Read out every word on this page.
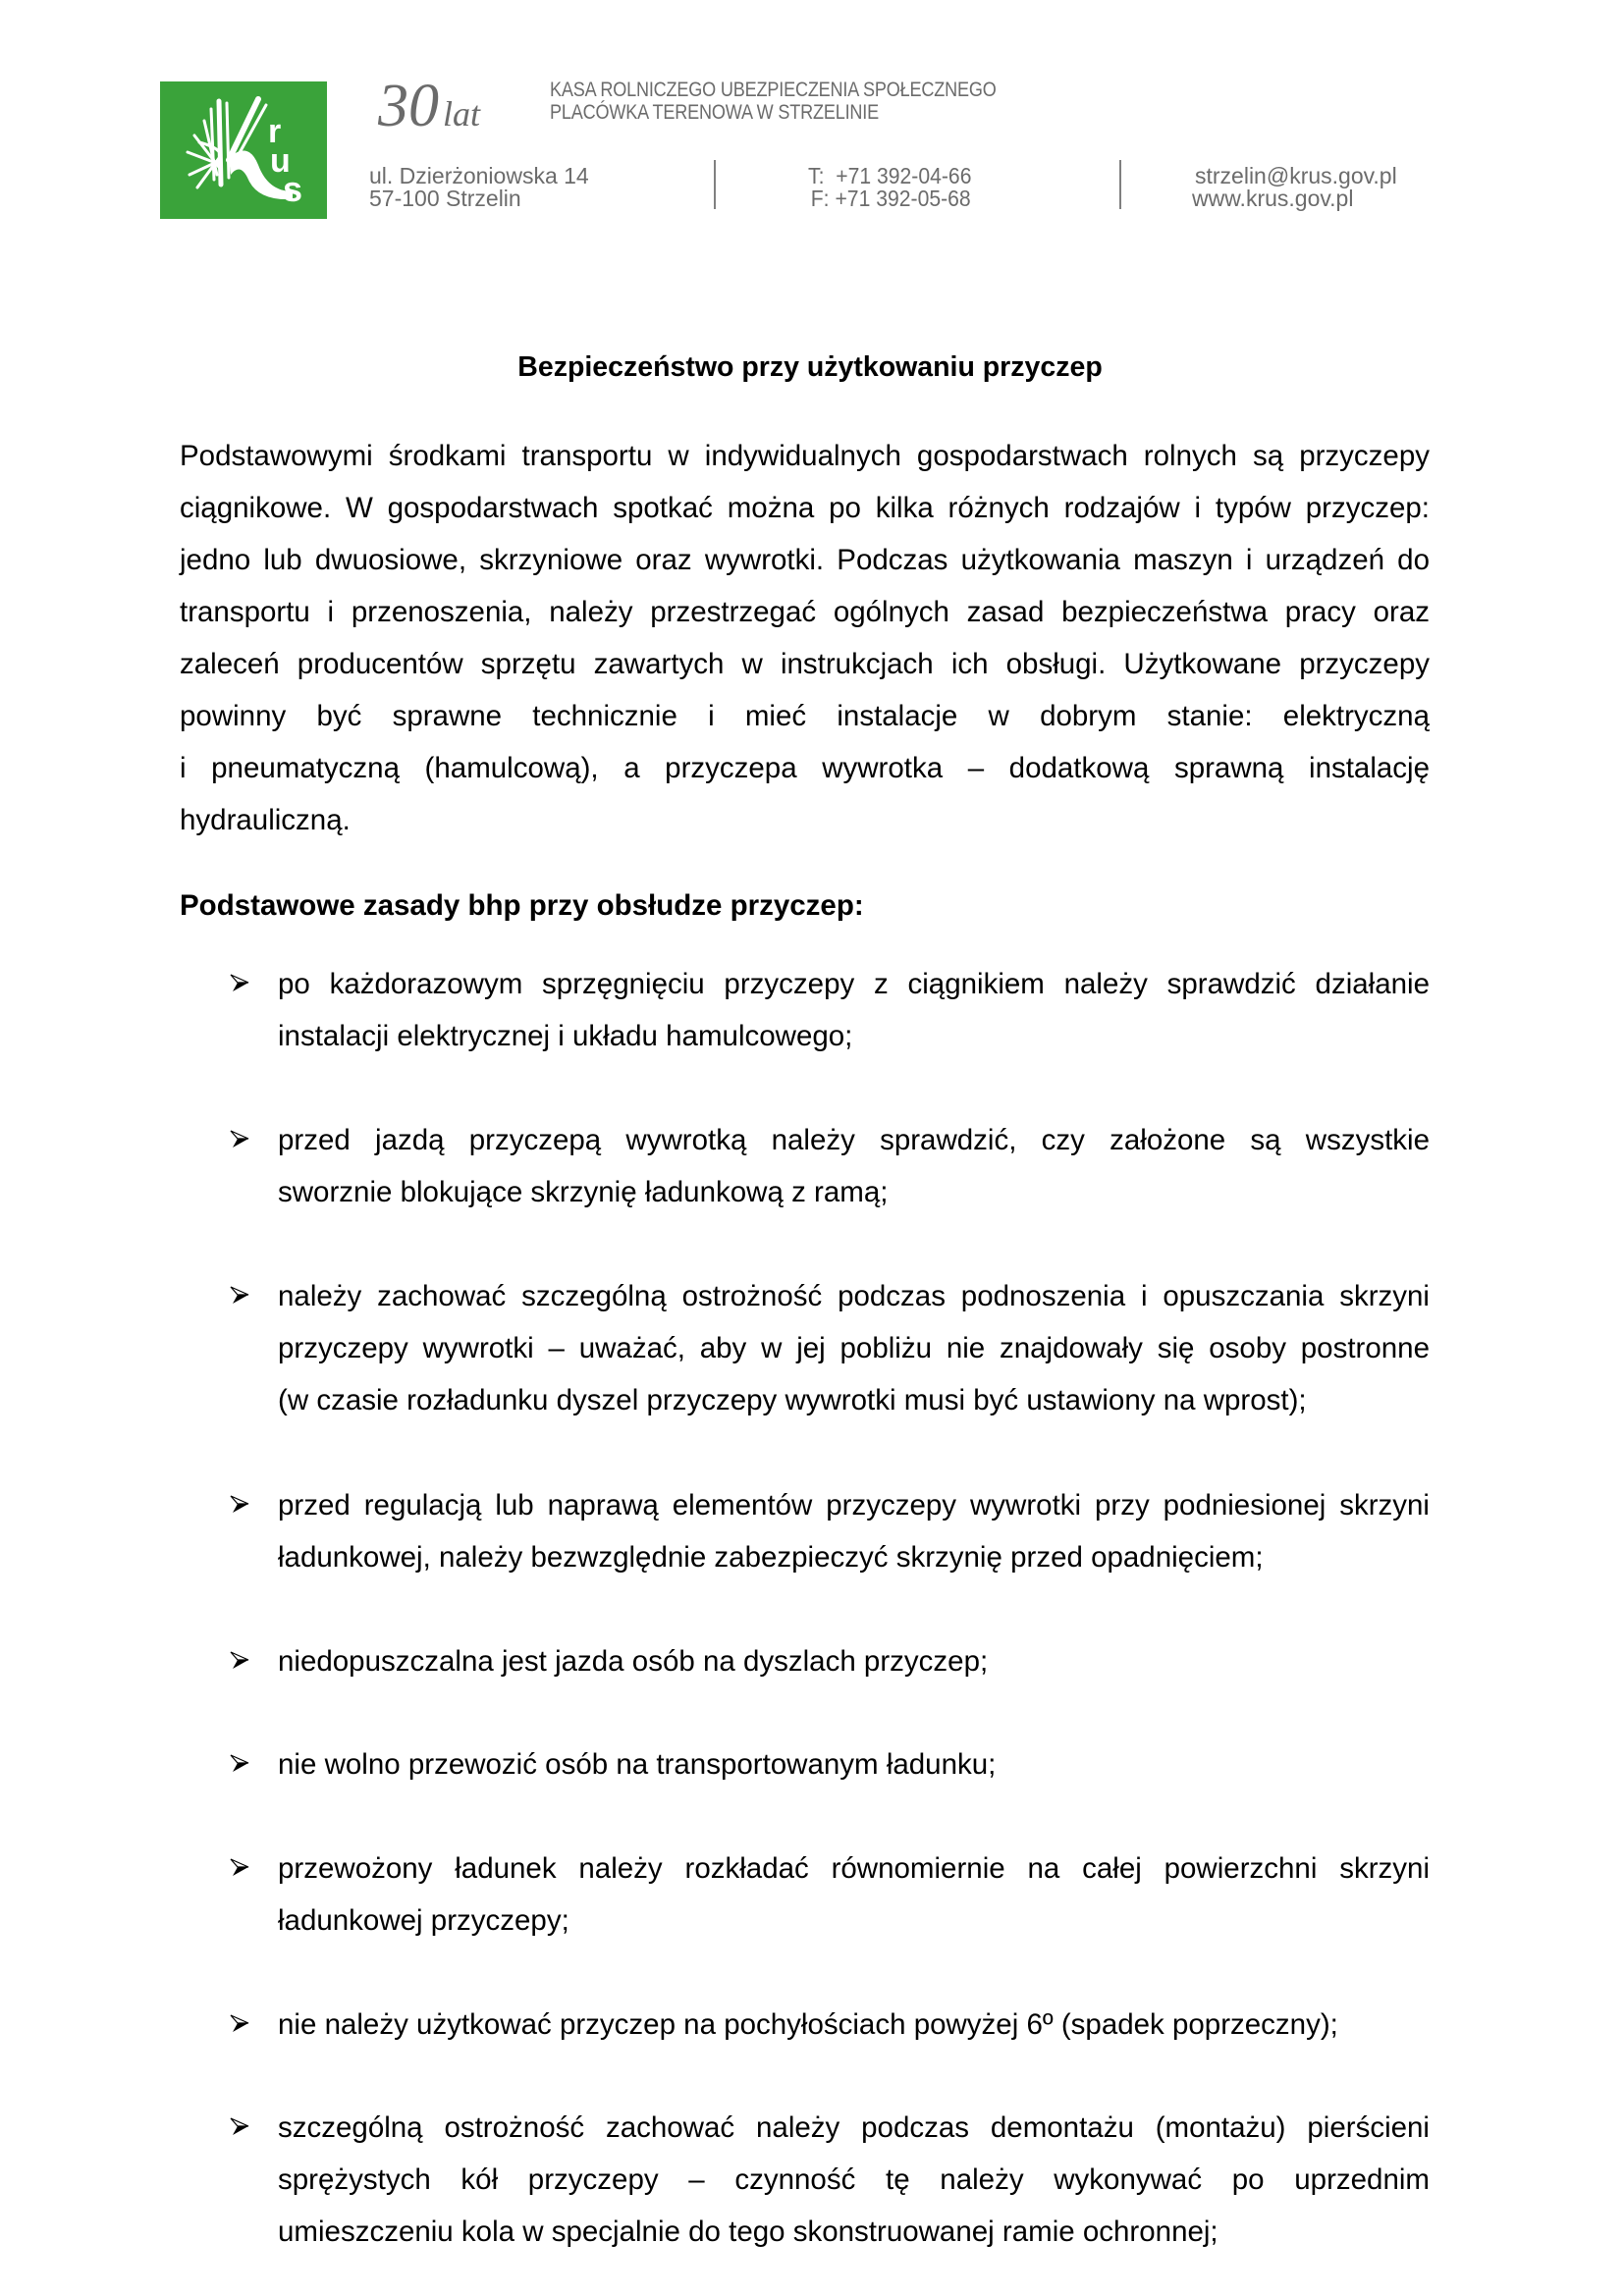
r
u
s
30 lat
KASA ROLNICZEGO UBEZPIECZENIA SPOŁECZNEGO
PLACÓWKA TERENOWA W STRZELINIE
ul. Dzierżoniowska 14
57-100 Strzelin
T:  +71 392-04-66
F: +71 392-05-68
strzelin@krus.gov.pl
www.krus.gov.pl
Bezpieczeństwo przy użytkowaniu przyczep
Podstawowymi środkami transportu w indywidualnych gospodarstwach rolnych są przyczepy
ciągnikowe. W gospodarstwach spotkać można po kilka różnych rodzajów i typów przyczep:
jedno lub dwuosiowe, skrzyniowe oraz wywrotki. Podczas użytkowania maszyn i urządzeń do
transportu i przenoszenia, należy przestrzegać ogólnych zasad bezpieczeństwa pracy oraz
zaleceń producentów sprzętu zawartych w instrukcjach ich obsługi. Użytkowane przyczepy
powinny być sprawne technicznie i mieć instalacje w dobrym stanie: elektryczną
i pneumatyczną (hamulcową), a przyczepa wywrotka – dodatkową sprawną instalację
hydrauliczną.
Podstawowe zasady bhp przy obsłudze przyczep:
po każdorazowym sprzęgnięciu przyczepy z ciągnikiem należy sprawdzić działanie
instalacji elektrycznej i układu hamulcowego;
przed jazdą przyczepą wywrotką należy sprawdzić, czy założone są wszystkie
sworznie blokujące skrzynię ładunkową z ramą;
należy zachować szczególną ostrożność podczas podnoszenia i opuszczania skrzyni
przyczepy wywrotki – uważać, aby w jej pobliżu nie znajdowały się osoby postronne
(w czasie rozładunku dyszel przyczepy wywrotki musi być ustawiony na wprost);
przed regulacją lub naprawą elementów przyczepy wywrotki przy podniesionej skrzyni
ładunkowej, należy bezwzględnie zabezpieczyć skrzynię przed opadnięciem;
niedopuszczalna jest jazda osób na dyszlach przyczep;
nie wolno przewozić osób na transportowanym ładunku;
przewożony ładunek należy rozkładać równomiernie na całej powierzchni skrzyni
ładunkowej przyczepy;
nie należy użytkować przyczep na pochyłościach powyżej 6º (spadek poprzeczny);
szczególną ostrożność zachować należy podczas demontażu (montażu) pierścieni
sprężystych kół przyczepy – czynność tę należy wykonywać po uprzednim
umieszczeniu kola w specjalnie do tego skonstruowanej ramie ochronnej;
